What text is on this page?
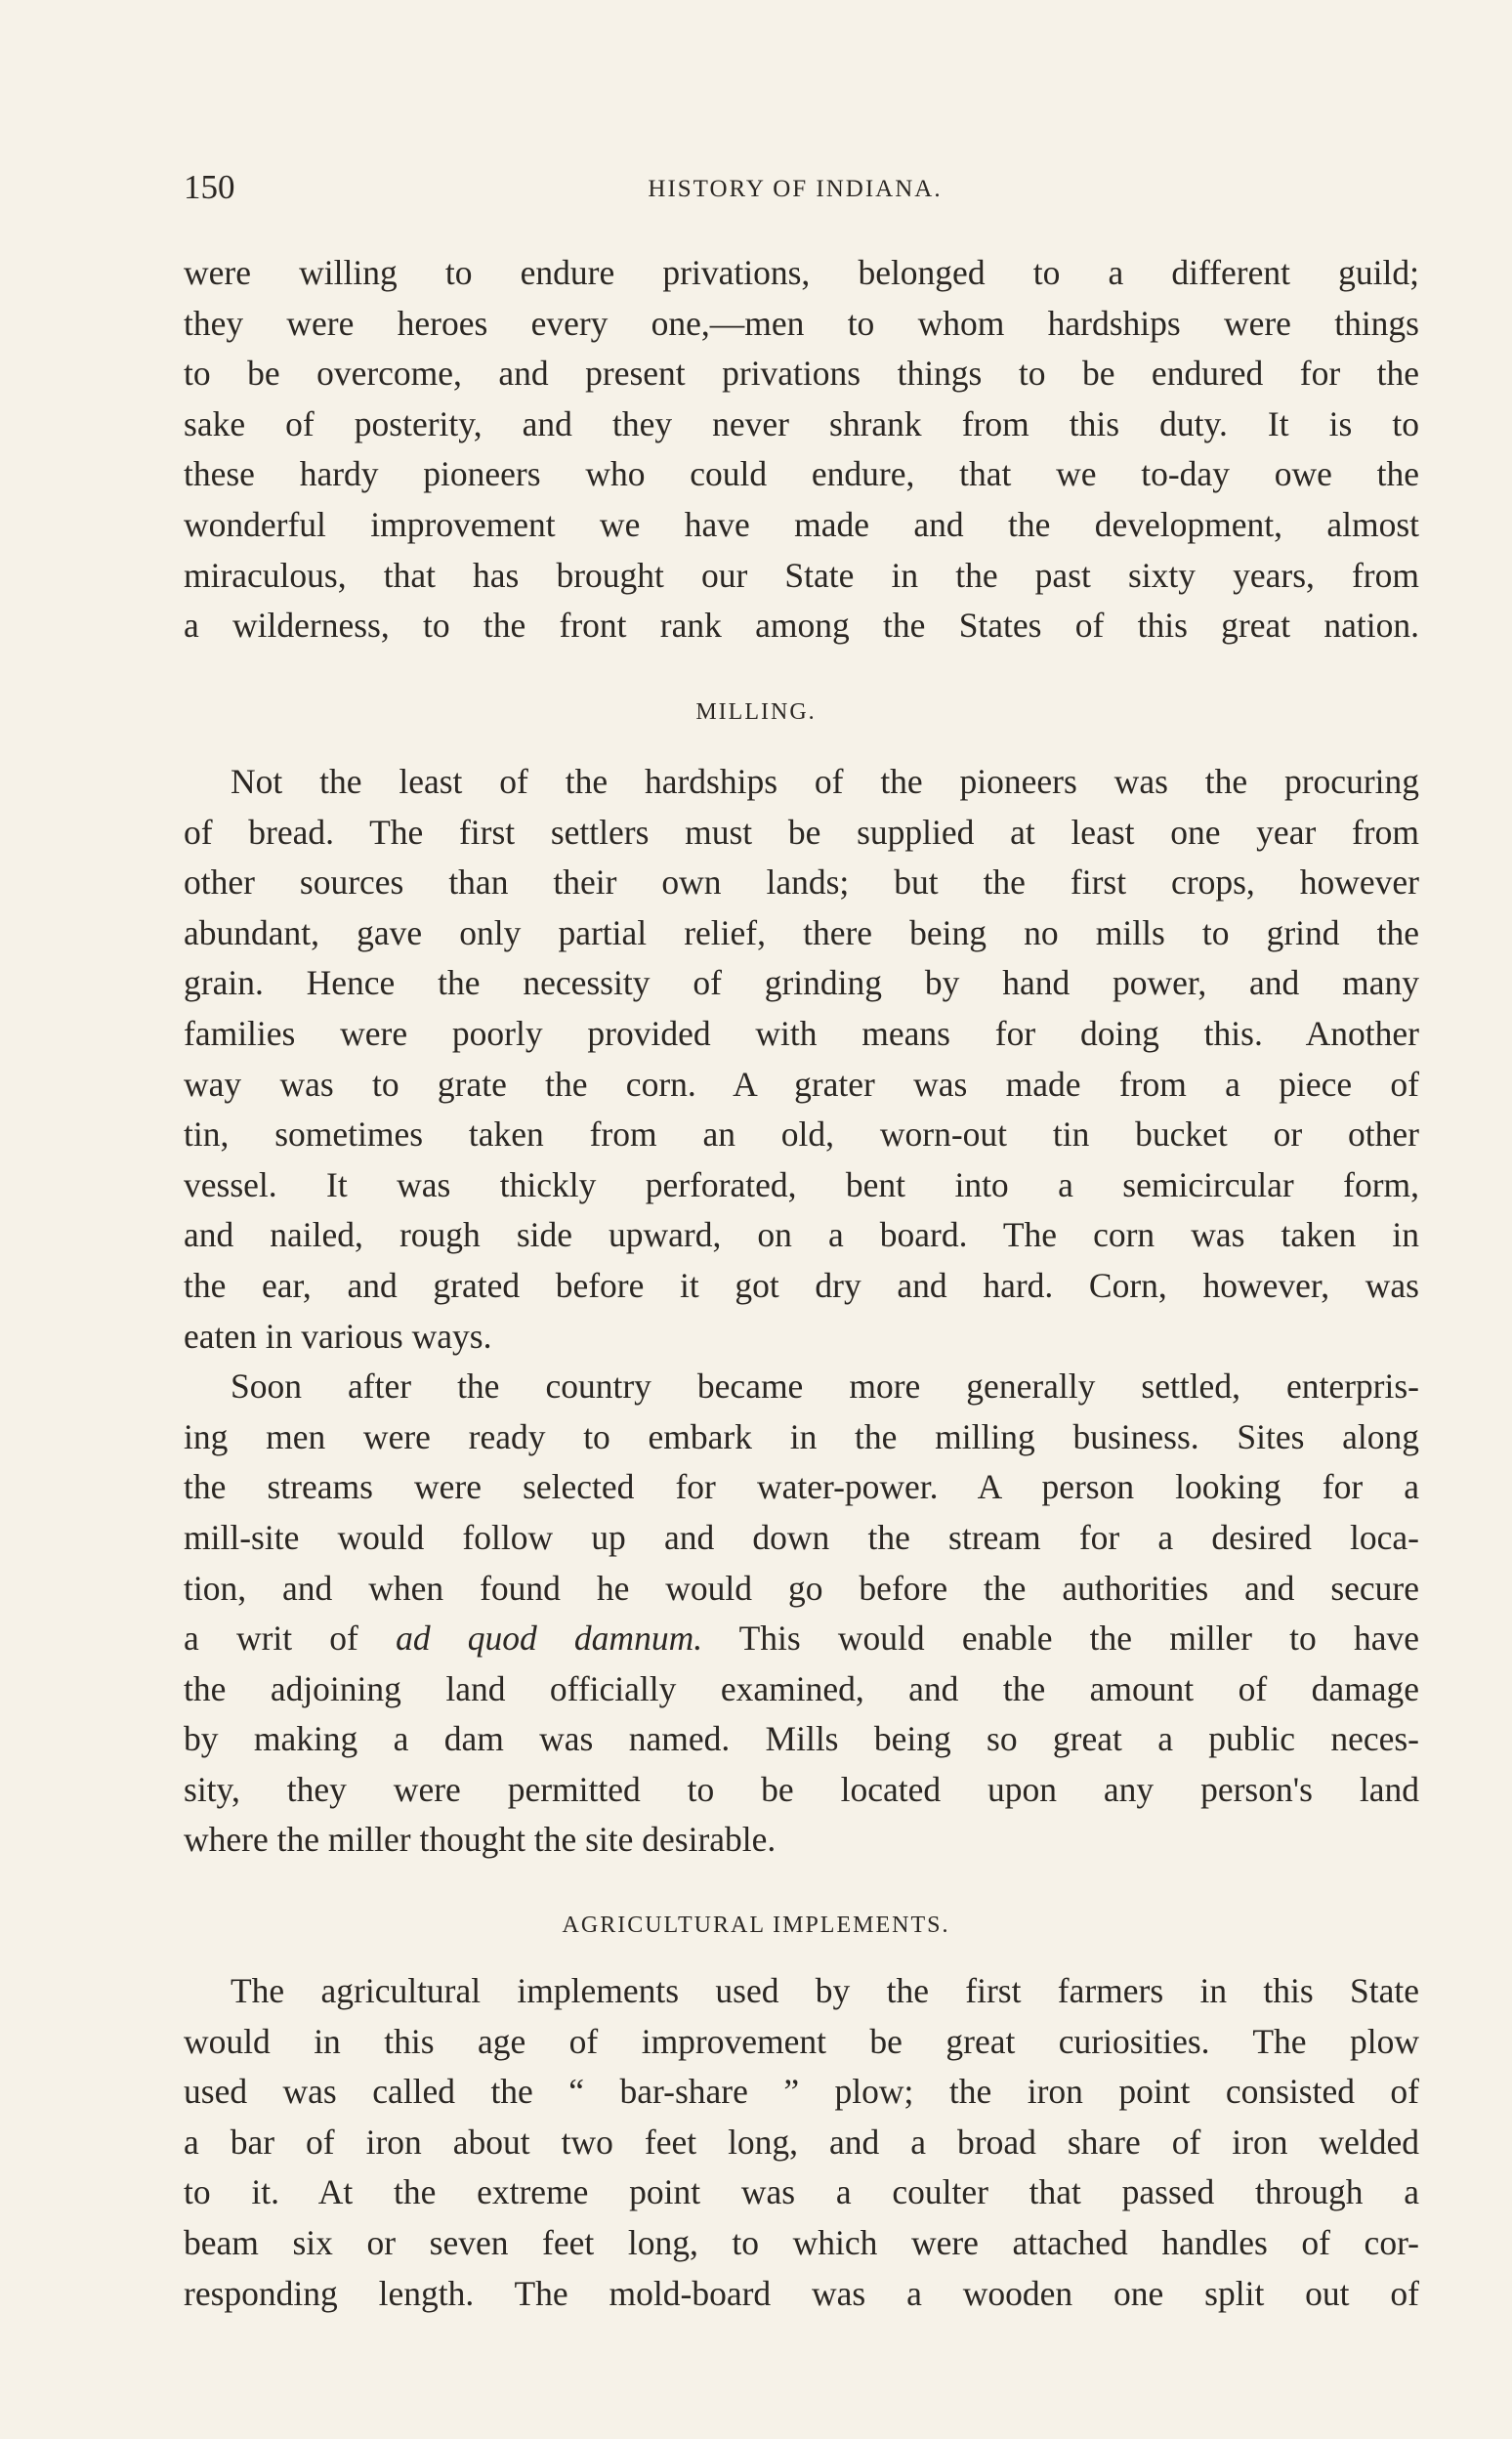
150	HISTORY OF INDIANA.
were willing to endure privations, belonged to a different guild;
they were heroes every one,—men to whom hardships were things
to be overcome, and present privations things to be endured for the
sake of posterity, and they never shrank from this duty. It is to
these hardy pioneers who could endure, that we to-day owe the
wonderful improvement we have made and the development, almost
miraculous, that has brought our State in the past sixty years, from
a wilderness, to the front rank among the States of this great nation.
MILLING.
Not the least of the hardships of the pioneers was the procuring
of bread. The first settlers must be supplied at least one year from
other sources than their own lands; but the first crops, however
abundant, gave only partial relief, there being no mills to grind the
grain. Hence the necessity of grinding by hand power, and many
families were poorly provided with means for doing this. Another
way was to grate the corn. A grater was made from a piece of
tin, sometimes taken from an old, worn-out tin bucket or other
vessel. It was thickly perforated, bent into a semicircular form,
and nailed, rough side upward, on a board. The corn was taken in
the ear, and grated before it got dry and hard. Corn, however, was
eaten in various ways.
Soon after the country became more generally settled, enterpris-
ing men were ready to embark in the milling business. Sites along
the streams were selected for water-power. A person looking for a
mill-site would follow up and down the stream for a desired loca-
tion, and when found he would go before the authorities and secure
a writ of ad quod damnum. This would enable the miller to have
the adjoining land officially examined, and the amount of damage
by making a dam was named. Mills being so great a public neces-
sity, they were permitted to be located upon any person's land
where the miller thought the site desirable.
AGRICULTURAL IMPLEMENTS.
The agricultural implements used by the first farmers in this State
would in this age of improvement be great curiosities. The plow
used was called the “ bar-share ” plow; the iron point consisted of
a bar of iron about two feet long, and a broad share of iron welded
to it. At the extreme point was a coulter that passed through a
beam six or seven feet long, to which were attached handles of cor-
responding length. The mold-board was a wooden one split out of
